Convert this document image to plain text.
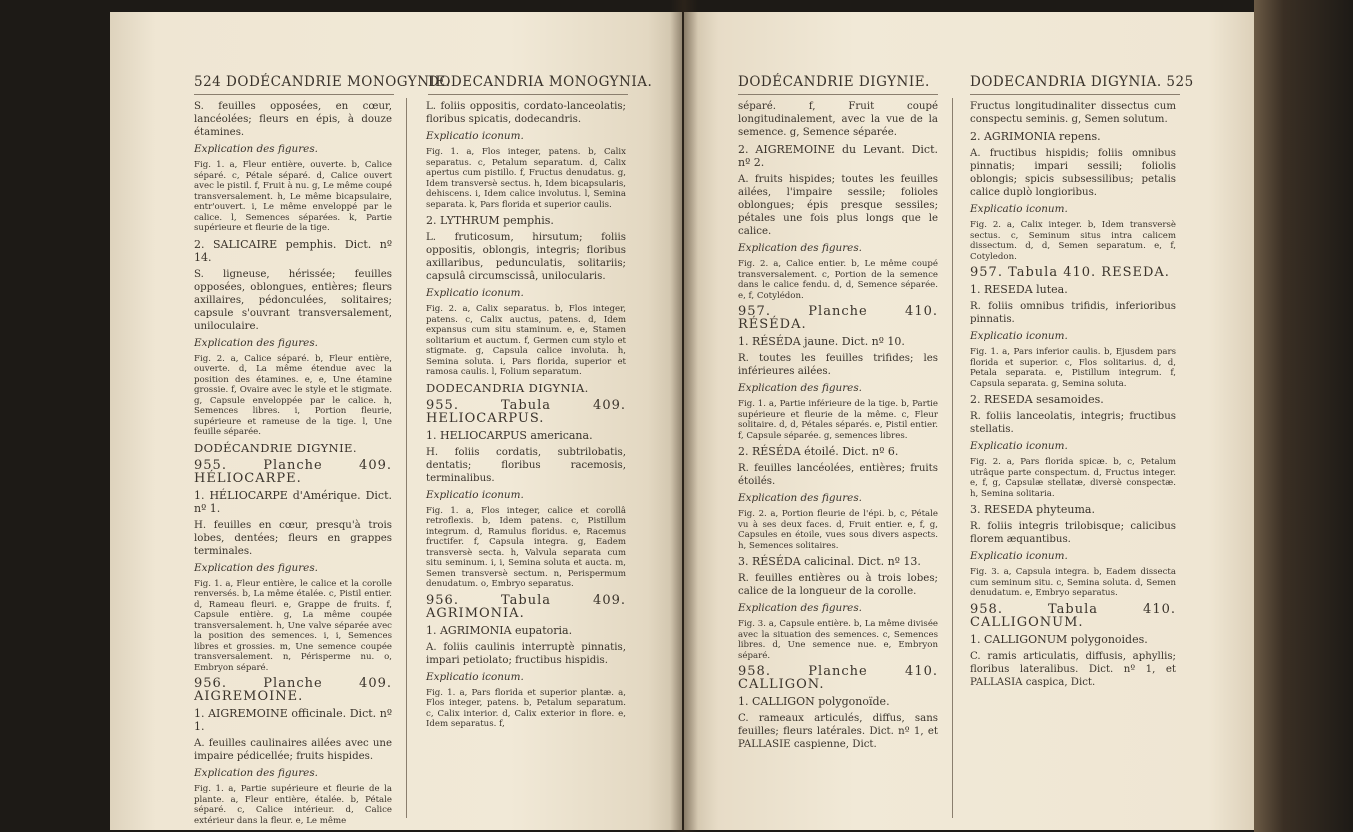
524 DODÉCANDRIE MONOGYNIE.
DODECANDRIA MONOGYNIA.

S. feuilles opposées, en cœur, lancéolées; fleurs en épis, à douze étamines.

Explication des figures.

Fig. 1. a, Fleur entière, ouverte. b, Calice séparé. c, Pétale séparé. d, Calice ouvert avec le pistil. f, Fruit à nu. g, Le même coupé transversalement. h, Le même bicapsulaire, entr'ouvert. i, Le même enveloppé par le calice. l, Semences séparées. k, Partie supérieure et fleurie de la tige.

2. SALICAIRE pemphis. Dict. nº 14.

S. ligneuse, hérissée; feuilles opposées, oblongues, entières; fleurs axillaires, pédonculées, solitaires; capsule s'ouvrant transversalement, uniloculaire.

Explication des figures.

Fig. 2. a, Calice séparé. b, Fleur entière, ouverte. d, La même étendue avec la position des étamines. e, e, Une étamine grossie. f, Ovaire avec le style et le stigmate. g, Capsule enveloppée par le calice. h, Semences libres. i, Portion fleurie, supérieure et rameuse de la tige. l, Une feuille séparée.

DODÉCANDRIE DIGYNIE.

955. Planche 409. HÉLIOCARPE.

1. HÉLIOCARPE d'Amérique. Dict. nº 1.

H. feuilles en cœur, presqu'à trois lobes, dentées; fleurs en grappes terminales.

Explication des figures.

Fig. 1. a, Fleur entière, le calice et la corolle renversés. b, La même étalée. c, Pistil entier. d, Rameau fleuri. e, Grappe de fruits. f, Capsule entière. g, La même coupée transversalement. h, Une valve séparée avec la position des semences. i, i, Semences libres et grossies. m, Une semence coupée transversalement. n, Périsperme nu. o, Embryon séparé.

956. Planche 409. AIGREMOINE.

1. AIGREMOINE officinale. Dict. nº 1.

A. feuilles caulinaires ailées avec une impaire pédicellée; fruits hispides.

Explication des figures.

Fig. 1. a, Partie supérieure et fleurie de la plante. a, Fleur entière, étalée. b, Pétale séparé. c, Calice intérieur. d, Calice extérieur dans la fleur. e, Le même

L. foliis oppositis, cordato-lanceolatis; floribus spicatis, dodecandris.

Explicatio iconum.

Fig. 1. a, Flos integer, patens. b, Calix separatus. c, Petalum separatum. d, Calix apertus cum pistillo. f, Fructus denudatus. g, Idem transversè sectus. h, Idem bicapsularis, dehiscens. i, Idem calice involutus. l, Semina separata. k, Pars florida et superior caulis.

2. LYTHRUM pemphis.

L. fruticosum, hirsutum; foliis oppositis, oblongis, integris; floribus axillaribus, pedunculatis, solitariis; capsulâ circumscissâ, unilocularis.

Explicatio iconum.

Fig. 2. a, Calix separatus. b, Flos integer, patens. c, Calix auctus, patens. d, Idem expansus cum situ staminum. e, e, Stamen solitarium et auctum. f, Germen cum stylo et stigmate. g, Capsula calice involuta. h, Semina soluta. i, Pars florida, superior et ramosa caulis. l, Folium separatum.

DODECANDRIA DIGYNIA.

955. Tabula 409. HELIOCARPUS.

1. HELIOCARPUS americana.

H. foliis cordatis, subtrilobatis, dentatis; floribus racemosis, terminalibus.

Explicatio iconum.

Fig. 1. a, Flos integer, calice et corollâ retroflexis. b, Idem patens. c, Pistillum integrum. d, Ramulus floridus. e, Racemus fructifer. f, Capsula integra. g, Eadem transversè secta. h, Valvula separata cum situ seminum. i, i, Semina soluta et aucta. m, Semen transversè sectum. n, Perispermum denudatum. o, Embryo separatus.

956. Tabula 409. AGRIMONIA.

1. AGRIMONIA eupatoria.

A. foliis caulinis interruptè pinnatis, impari petiolato; fructibus hispidis.

Explicatio iconum.

Fig. 1. a, Pars florida et superior plantæ. a, Flos integer, patens. b, Petalum separatum. c, Calix interior. d, Calix exterior in flore. e, Idem separatus. f,

DODÉCANDRIE DIGYNIE.	DODECANDRIA DIGYNIA. 525

séparé. f, Fruit coupé longitudinalement, avec la vue de la semence. g, Semence séparée.

2. AIGREMOINE du Levant. Dict. nº 2.

A. fruits hispides; toutes les feuilles ailées, l'impaire sessile; folioles oblongues; épis presque sessiles; pétales une fois plus longs que le calice.

Explication des figures.

Fig. 2. a, Calice entier. b, Le même coupé transversalement. c, Portion de la semence dans le calice fendu. d, d, Semence séparée. e, f, Cotylédon.

957. Planche 410. RÉSÉDA.

1. RÉSÉDA jaune. Dict. nº 10.

R. toutes les feuilles trifides; les inférieures ailées.

Explication des figures.

Fig. 1. a, Partie inférieure de la tige. b, Partie supérieure et fleurie de la même. c, Fleur solitaire. d, d, Pétales séparés. e, Pistil entier. f, Capsule séparée. g, semences libres.

2. RÉSÉDA étoilé. Dict. nº 6.

R. feuilles lancéolées, entières; fruits étoilés.

Explication des figures.

Fig. 2. a, Portion fleurie de l'épi. b, c, Pétale vu à ses deux faces. d, Fruit entier. e, f, g, Capsules en étoile, vues sous divers aspects. h, Semences solitaires.

3. RÉSÉDA calicinal. Dict. nº 13.

R. feuilles entières ou à trois lobes; calice de la longueur de la corolle.

Explication des figures.

Fig. 3. a, Capsule entière. b, La même divisée avec la situation des semences. c, Semences libres. d, Une semence nue. e, Embryon séparé.

958. Planche 410. CALLIGON.

1. CALLIGON polygonoïde.

C. rameaux articulés, diffus, sans feuilles; fleurs latérales. Dict. nº 1, et PALLASIE caspienne, Dict.

Fructus longitudinaliter dissectus cum conspectu seminis. g, Semen solutum.

2. AGRIMONIA repens.

A. fructibus hispidis; foliis omnibus pinnatis; impari sessili; foliolis oblongis; spicis subsessilibus; petalis calice duplò longioribus.

Explicatio iconum.

Fig. 2. a, Calix integer. b, Idem transversè sectus. c, Seminum situs intra calicem dissectum. d, d, Semen separatum. e, f, Cotyledon.

957. Tabula 410. RESEDA.

1. RESEDA lutea.

R. foliis omnibus trifidis, inferioribus pinnatis.

Explicatio iconum.

Fig. 1. a, Pars inferior caulis. b, Ejusdem pars florida et superior. c, Flos solitarius. d, d, Petala separata. e, Pistillum integrum. f, Capsula separata. g, Semina soluta.

2. RESEDA sesamoides.

R. foliis lanceolatis, integris; fructibus stellatis.

Explicatio iconum.

Fig. 2. a, Pars florida spicæ. b, c, Petalum utrâque parte conspectum. d, Fructus integer. e, f, g, Capsulæ stellatæ, diversè conspectæ. h, Semina solitaria.

3. RESEDA phyteuma.

R. foliis integris trilobisque; calicibus florem æquantibus.

Explicatio iconum.

Fig. 3. a, Capsula integra. b, Eadem dissecta cum seminum situ. c, Semina soluta. d, Semen denudatum. e, Embryo separatus.

958. Tabula 410. CALLIGONUM.

1. CALLIGONUM polygonoides.

C. ramis articulatis, diffusis, aphyllis; floribus lateralibus. Dict. nº 1, et PALLASIA caspica, Dict.
